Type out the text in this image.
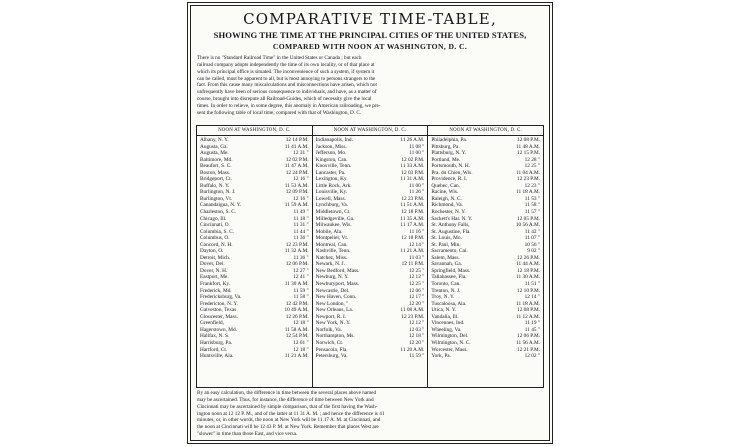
COMPARATIVE TIME-TABLE,
SHOWING THE TIME AT THE PRINCIPAL CITIES OF THE UNITED STATES,
COMPARED WITH NOON AT WASHINGTON, D. C.
There is no "Standard Railroad Time" in the United States or Canada ; but each
railroad company adopts independently the time of its own locality, or of that place at
which its principal office is situated. The inconvenience of such a system, if system it
can be called, must be apparent to all, but is most annoying to persons strangers to the
fact. From this cause many miscalculations and misconnections have arisen, which not
unfrequently have been of serious consequence to individuals, and have, as a matter of
course, brought into disrepute all Railroad-Guides, which of necessity give the local
times. In order to relieve, in some degree, this anomaly in American railroading, we pre-
sent the following table of local time, compared with that of Washington, D. C.
NOON AT WASHINGTON, D. C.
Albany, N. Y.	12 14 P.M.
Augusta, Ga.	11 41 A.M.
Augusta, Me.	12 31 "
Baltimore, Md.	12 02 P.M.
Beaufort, S. C.	11 47 A.M.
Boston, Mass.	12 24 P.M.
Bridgeport, Ct.	12 16 "
Buffalo, N. Y.	11 53 A.M.
Burlington, N. J.	12 09 P.M.
Burlington, Vt.	12 16 "
Canandaigua, N. Y.	11 59 A.M.
Charleston, S. C.	11 49 "
Chicago, Ill.	11 18 "
Cincinnati, O.	11 31 "
Columbia, S. C.	11 44 "
Columbus, O.	11 36 "
Concord, N. H.	12 23 P.M.
Dayton, O.	11 32 A.M.
Detroit, Mich.	11 36 "
Dover, Del.	12 06 P.M.
Dover, N. H.	12 27 "
Eastport, Me.	12 41 "
Frankfort, Ky.	11 30 A.M.
Frederick, Md.	11 59 "
Fredericksburg, Va.	11 58 "
Fredericton, N. Y.	12 42 P.M.
Galveston, Texas	10 49 A.M.
Gloucester, Mass.	12 26 P.M.
Greenfield,	12 18 "
Hagerstown, Md.	11 58 A.M.
Halifax, N. S.	12 54 P.M.
Harrisburg, Pa.	12 01 "
Hartford, Ct.	12 18 "
Huntsville, Ala.	11 21 A.M.
NOON AT WASHINGTON, D. C.
Indianapolis, Ind.	11 26 A.M.
Jackson, Miss.	11 08 "
Jefferson, Mo.	11 00 "
Kingston, Can.	12 02 P.M.
Knoxville, Tenn.	11 33 A.M.
Lancaster, Pa.	12 03 P.M.
Lexington, Ky.	11 31 A.M.
Little Rock, Ark.	11 00 "
Louisville, Ky.	11 26 "
Lowell, Mass.	12 23 P.M.
Lynchburg, Va.	11 51 A.M.
Middletown, Ct.	12 18 P.M.
Milledgeville, Ga.	11 35 A.M.
Milwaukee, Wis.	11 17 A.M.
Mobile, Ala.	11 16 "
Montpelier, Vt.	12 18 P.M.
Montreal, Can.	12 14 "
Nashville, Tenn.	11 21 A.M.
Natchez, Miss.	11 03 "
Newark, N. J.	12 11 P.M.
New Bedford, Mass.	12 25 "
Newburg, N. Y.	12 12 "
Newburyport, Mass.	12 25 "
Newcastle, Del.	12 06 "
New Haven, Conn.	12 17 "
New London, "	12 20 "
New Orleans, La.	11 08 A.M.
Newport, R. I.	12 23 P.M.
New York, N. Y.	12 12 "
Norfolk, Va.	12 03 "
Northampton, Ms.	12 18 "
Norwich, Ct.	12 20 "
Pensacola, Fla.	11 20 A.M.
Petersburg, Va.	11 59 "
NOON AT WASHINGTON, D. C.
Philadelphia, Pa.	12 08 P.M.
Pittsburg, Pa.	11 48 A.M.
Plattsburg, N. Y.	12 15 P.M.
Portland, Me.	12 28 "
Portsmouth, N. H.	12 25 "
Pra. du Chien, Wis.	11 04 A.M.
Providence, R. I.	12 23 P.M.
Quebec, Can.	12 23 "
Racine, Wis.	11 18 A.M.
Raleigh, N. C.	11 53 "
Richmond, Va.	11 58 "
Rochester, N. Y.	11 57 "
Sackett's Har. N. Y.	12 05 P.M.
St. Anthony Falls,	10 56 A.M.
St. Augustine, Fla.	11 42 "
St. Louis, Mo.	11 07 "
St. Paul, Min.	10 56 "
Sacramento, Cal.	9 02 "
Salem, Mass.	12 26 P.M.
Savannah, Ga.	11 44 A.M.
Springfield, Mass.	12 18 P.M.
Tallahassee, Fla.	11 30 A.M.
Toronto, Can.	11 51 "
Trenton, N. J.	12 10 P.M.
Troy, N. Y.	12 14 "
Tuscaloosa, Ala.	11 18 A.M.
Utica, N. Y.	12 08 P.M.
Vandalia, Ill.	11 12 A.M.
Vincennes, Ind.	11 19 "
Wheeling, Va.	11 45 "
Wilmington, Del.	12 06 P.M.
Wilmington, N. C.	11 56 A.M.
Worcester, Mass.	12 21 P.M.
York, Pa.	12 02 "
By an easy calculation, the difference in time between the several places above named
may be ascertained. Thus, for instance, the difference of time between New York and
Cincinnati may be ascertained by simple comparison, that of the first having the Wash-
ington noon at 12 12 P. M., and of the latter at 11 31 A. M. ; and hence the difference is 41
minutes, or, in other words, the noon at New York will be 11.17 A. M. at Cincinnati, and
the noon at Cincinnati will be 12 43 P. M. at New York. Remember that places West are
"slower" in time than those East, and vice versa.
